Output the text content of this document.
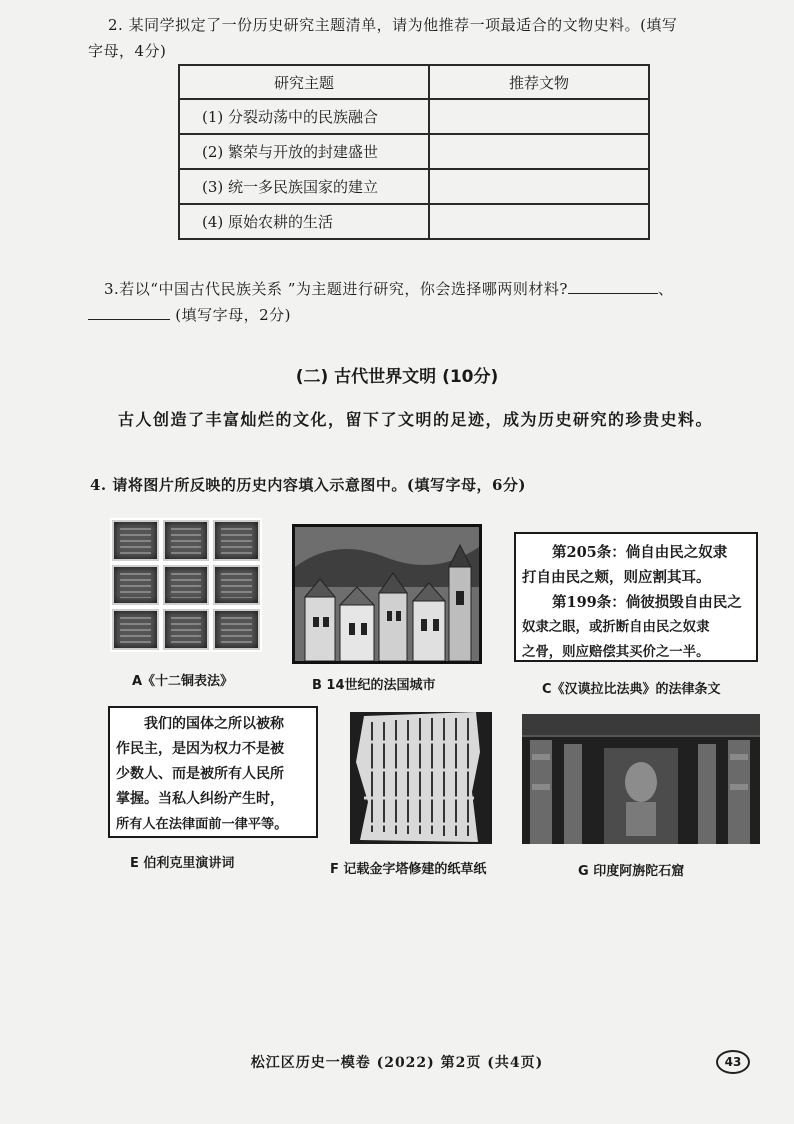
2. 某同学拟定了一份历史研究主题清单，请为他推荐一项最适合的文物史料。(填写
字母，4分)
研究主题	推荐文物
(1) 分裂动荡中的民族融合	
(2) 繁荣与开放的封建盛世	
(3) 统一多民族国家的建立	
(4) 原始农耕的生活	
3.若以“中国古代民族关系 ”为主题进行研究，你会选择哪两则材料?	、
(填写字母，2分)
(二) 古代世界文明 (10分)
古人创造了丰富灿烂的文化，留下了文明的足迹，成为历史研究的珍贵史料。
4. 请将图片所反映的历史内容填入示意图中。(填写字母，6分)
A《十二铜表法》	B 14世纪的法国城市

第205条：倘自由民之奴隶

打自由民之颊，则应割其耳。

第199条：倘彼损毁自由民之

奴隶之眼，或折断自由民之奴隶

之骨，则应赔偿其买价之一半。

C《汉谟拉比法典》的法律条文

我们的国体之所以被称

作民主，是因为权力不是被

少数人、而是被所有人民所

掌握。当私人纠纷产生时，

所有人在法律面前一律平等。

E 伯利克里演讲词	F 记载金字塔修建的纸草纸	G 印度阿旃陀石窟
松江区历史一模卷 (2022) 第2页 (共4页)	43
